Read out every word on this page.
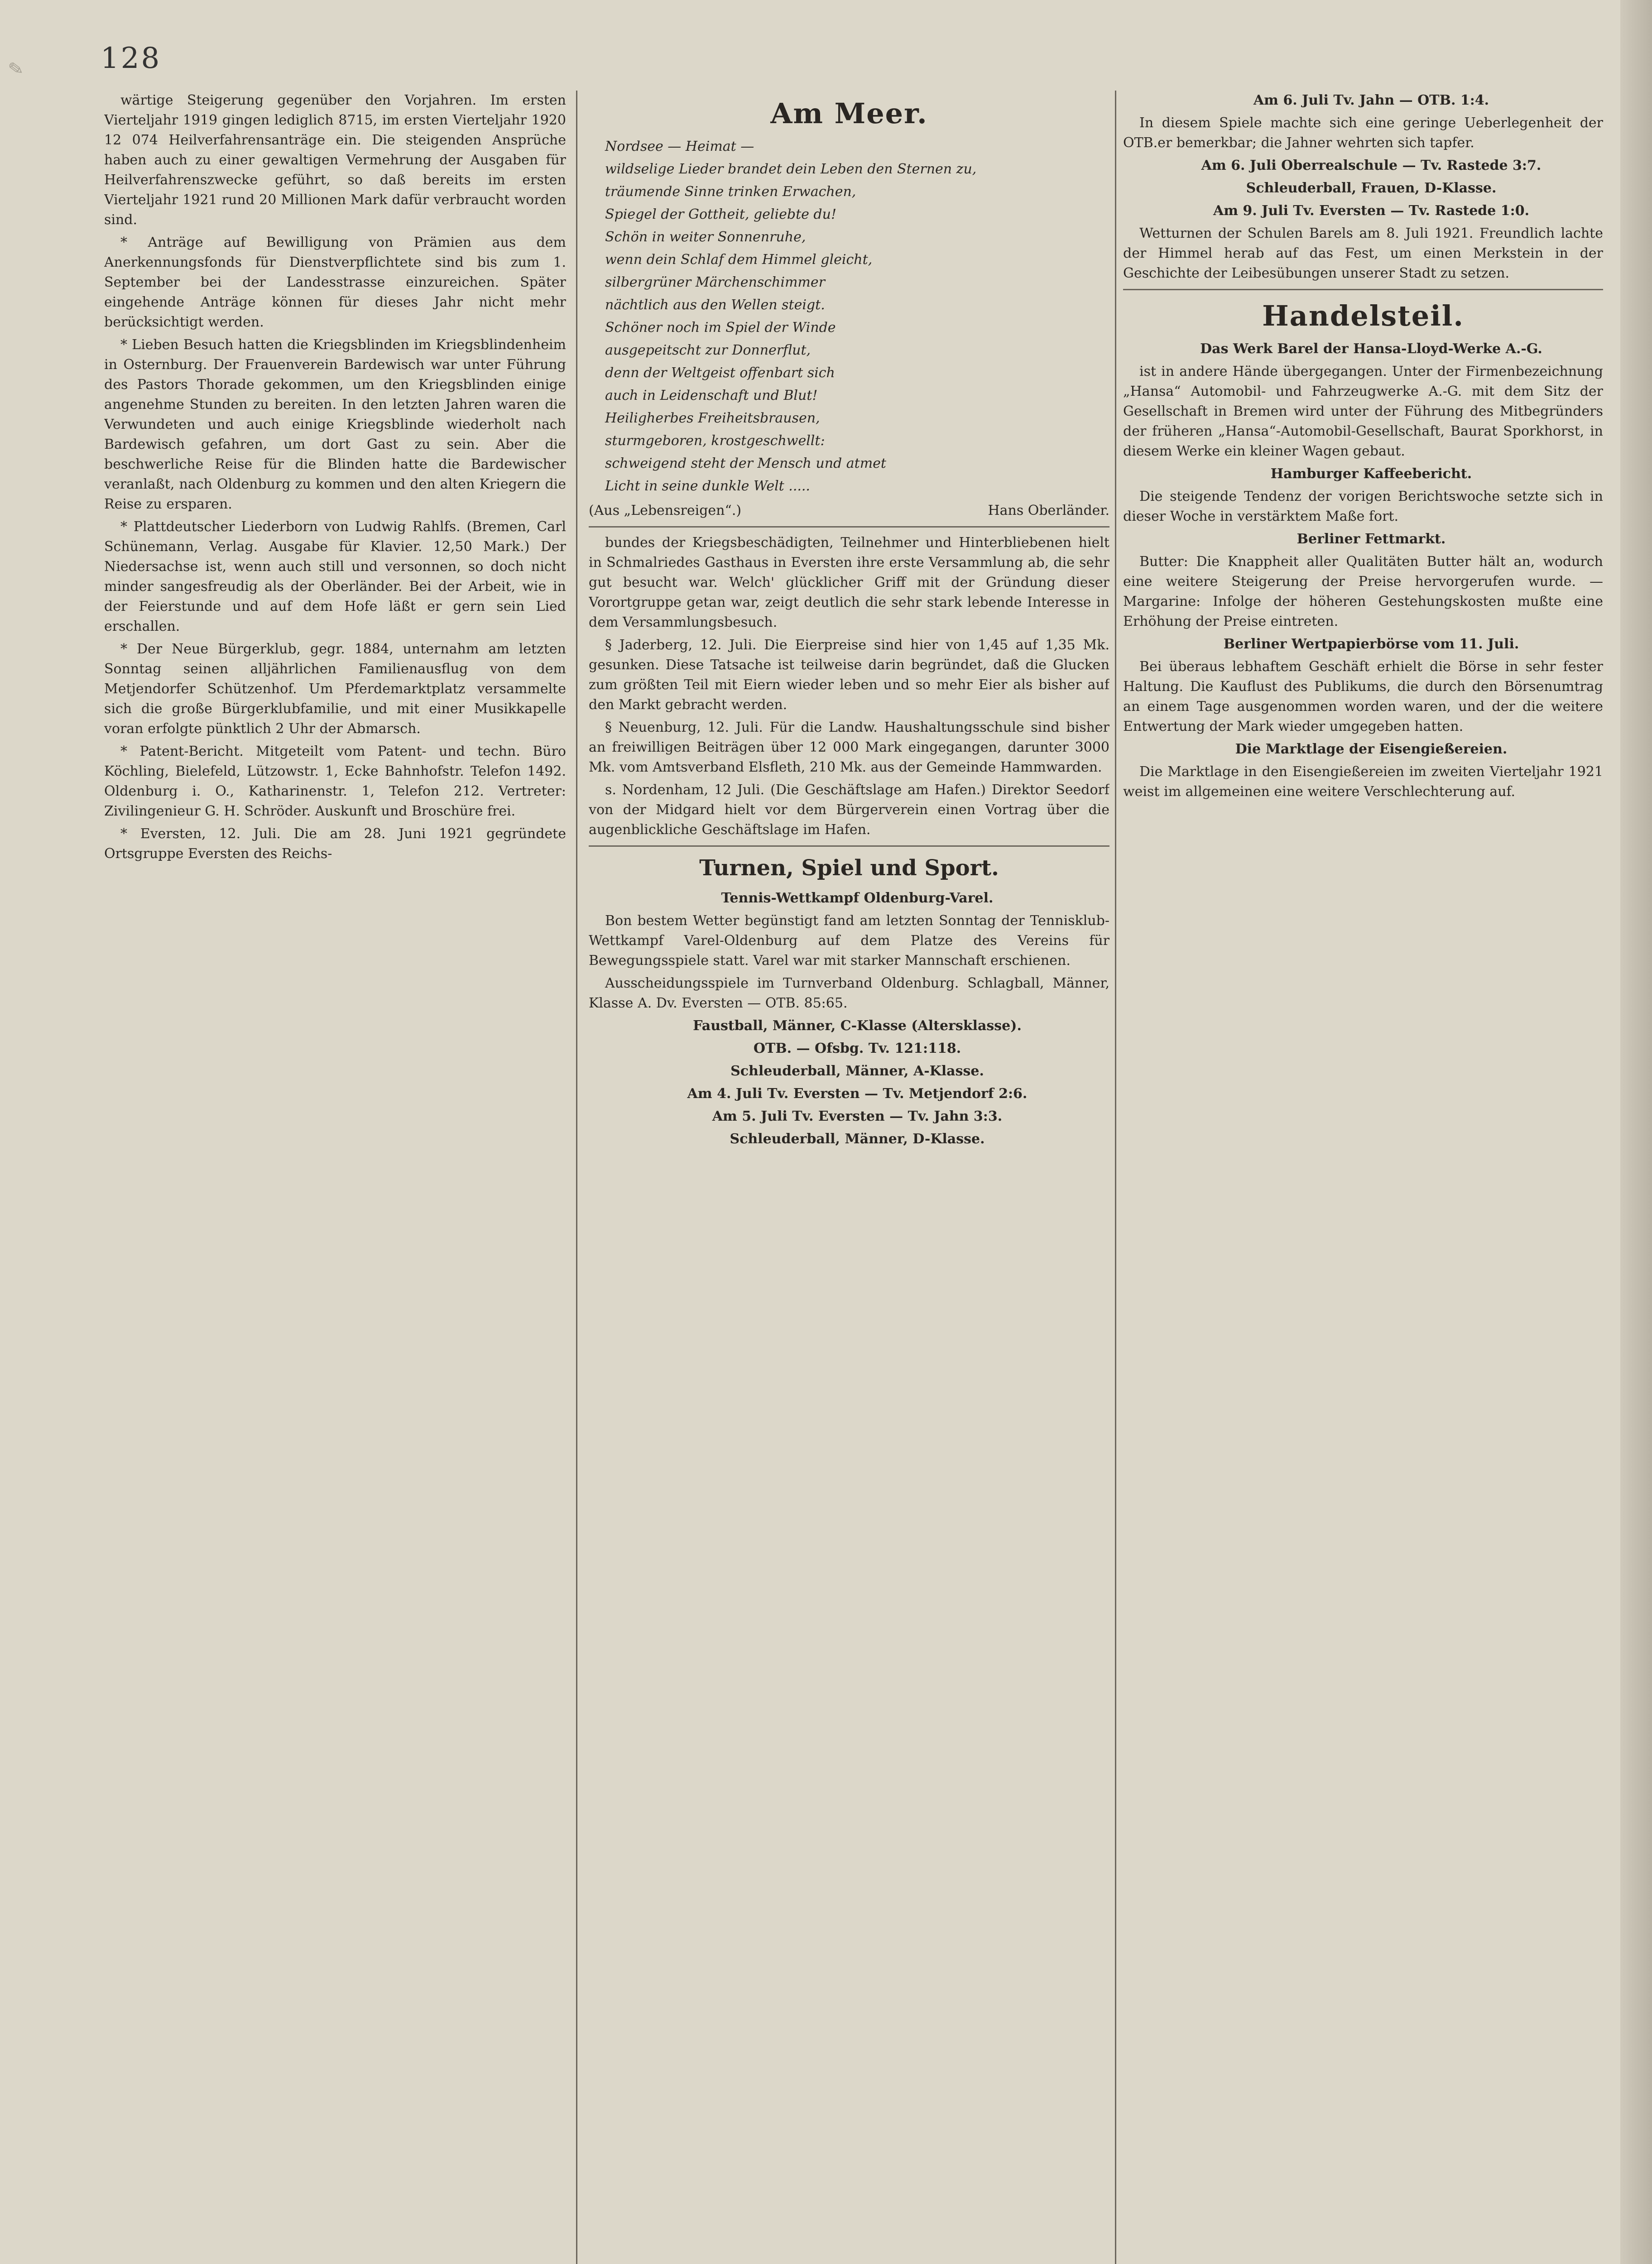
✎	128

wärtige Steigerung gegenüber den Vorjahren. Im ersten Vierteljahr 1919 gingen lediglich 8715, im ersten Vierteljahr 1920 12 074 Heilverfahrensanträge ein. Die steigenden Ansprüche haben auch zu einer gewaltigen Vermehrung der Ausgaben für Heilverfahrenszwecke geführt, so daß bereits im ersten Vierteljahr 1921 rund 20 Millionen Mark dafür verbraucht worden sind.

* Anträge auf Bewilligung von Prämien aus dem Anerkennungsfonds für Dienstverpflichtete sind bis zum 1. September bei der Landesstrasse einzureichen. Später eingehende Anträge können für dieses Jahr nicht mehr berücksichtigt werden.

* Lieben Besuch hatten die Kriegsblinden im Kriegsblindenheim in Osternburg. Der Frauenverein Bardewisch war unter Führung des Pastors Thorade gekommen, um den Kriegsblinden einige angenehme Stunden zu bereiten. In den letzten Jahren waren die Verwundeten und auch einige Kriegsblinde wiederholt nach Bardewisch gefahren, um dort Gast zu sein. Aber die beschwerliche Reise für die Blinden hatte die Bardewischer veranlaßt, nach Oldenburg zu kommen und den alten Kriegern die Reise zu ersparen.

* Plattdeutscher Liederborn von Ludwig Rahlfs. (Bremen, Carl Schünemann, Verlag. Ausgabe für Klavier. 12,50 Mark.) Der Niedersachse ist, wenn auch still und versonnen, so doch nicht minder sangesfreudig als der Oberländer. Bei der Arbeit, wie in der Feierstunde und auf dem Hofe läßt er gern sein Lied erschallen.

* Der Neue Bürgerklub, gegr. 1884, unternahm am letzten Sonntag seinen alljährlichen Familienausflug von dem Metjendorfer Schützenhof. Um Pferdemarktplatz versammelte sich die große Bürgerklubfamilie, und mit einer Musikkapelle voran erfolgte pünktlich 2 Uhr der Abmarsch.

* Patent-Bericht. Mitgeteilt vom Patent- und techn. Büro Köchling, Bielefeld, Lützowstr. 1, Ecke Bahnhofstr. Telefon 1492. Oldenburg i. O., Katharinenstr. 1, Telefon 212. Vertreter: Zivilingenieur G. H. Schröder. Auskunft und Broschüre frei.

* Eversten, 12. Juli. Die am 28. Juni 1921 gegründete Ortsgruppe Eversten des Reichs-

Am Meer.

Nordsee — Heimat —

wildseligе Lieder brandet dein Leben den Sternen zu,

träumende Sinne trinken Erwachen,

Spiegel der Gottheit, geliebte du!

Schön in weiter Sonnenruhe,

wenn dein Schlaf dem Himmel gleicht,

silbergrüner Märchenschimmer

nächtlich aus den Wellen steigt.

Schöner noch im Spiel der Winde

ausgepeitscht zur Donnerflut,

denn der Weltgeist offenbart sich

auch in Leidenschaft und Blut!

Heiligherbes Freiheitsbrausen,

sturmgeboren, krostgeschwellt:

schweigend steht der Mensch und atmet

Licht in seine dunkle Welt .....

(Aus „Lebensreigen“.)	Hans Oberländer.

bundes der Kriegsbeschädigten, Teilnehmer und Hinterbliebenen hielt in Schmalriedes Gasthaus in Eversten ihre erste Versammlung ab, die sehr gut besucht war. Welch' glücklicher Griff mit der Gründung dieser Vorortgruppe getan war, zeigt deutlich die sehr stark lebende Interesse in dem Versammlungsbesuch.

§ Jaderberg, 12. Juli. Die Eierpreise sind hier von 1,45 auf 1,35 Mk. gesunken. Diese Tatsache ist teilweise darin begründet, daß die Glucken zum größten Teil mit Eiern wieder leben und so mehr Eier als bisher auf den Markt gebracht werden.

§ Neuenburg, 12. Juli. Für die Landw. Haushaltungsschule sind bisher an freiwilligen Beiträgen über 12 000 Mark eingegangen, darunter 3000 Mk. vom Amtsverband Elsfleth, 210 Mk. aus der Gemeinde Hammwarden.

s. Nordenham, 12 Juli. (Die Geschäftslage am Hafen.) Direktor Seedorf von der Midgard hielt vor dem Bürgerverein einen Vortrag über die augenblickliche Geschäftslage im Hafen.

Turnen, Spiel und Sport.

Tennis-Wettkampf Oldenburg-Varel.

Bon bestem Wetter begünstigt fand am letzten Sonntag der Tennisklub-Wettkampf Varel-Oldenburg auf dem Platze des Vereins für Bewegungsspiele statt. Varel war mit starker Mannschaft erschienen.

Ausscheidungsspiele im Turnverband Oldenburg. Schlagball, Männer, Klasse A. Dv. Eversten — OTB. 85:65.

Faustball, Männer, C-Klasse (Altersklasse).

OTB. — Ofsbg. Tv. 121:118.

Schleuderball, Männer, A-Klasse.

Am 4. Juli Tv. Eversten — Tv. Metjendorf 2:6.

Am 5. Juli Tv. Eversten — Tv. Jahn 3:3.

Schleuderball, Männer, D-Klasse.

Am 6. Juli Tv. Jahn — OTB. 1:4.

In diesem Spiele machte sich eine geringe Ueberlegenheit der OTB.er bemerkbar; die Jahner wehrten sich tapfer.

Am 6. Juli Oberrealschule — Tv. Rastede 3:7.

Schleuderball, Frauen, D-Klasse.

Am 9. Juli Tv. Eversten — Tv. Rastede 1:0.

Wetturnen der Schulen Barels am 8. Juli 1921. Freundlich lachte der Himmel herab auf das Fest, um einen Merkstein in der Geschichte der Leibesübungen unserer Stadt zu setzen.

Handelsteil.

Das Werk Barel der Hansa-Lloyd-Werke A.-G.

ist in andere Hände übergegangen. Unter der Firmenbezeichnung „Hansa“ Automobil- und Fahrzeugwerke A.-G. mit dem Sitz der Gesellschaft in Bremen wird unter der Führung des Mitbegründers der früheren „Hansa“-Automobil-Gesellschaft, Baurat Sporkhorst, in diesem Werke ein kleiner Wagen gebaut.

Hamburger Kaffeebericht.

Die steigende Tendenz der vorigen Berichtswoche setzte sich in dieser Woche in verstärktem Maße fort.

Berliner Fettmarkt.

Butter: Die Knappheit aller Qualitäten Butter hält an, wodurch eine weitere Steigerung der Preise hervorgerufen wurde. — Margarine: Infolge der höheren Gestehungskosten mußte eine Erhöhung der Preise eintreten.

Berliner Wertpapierbörse vom 11. Juli.

Bei überaus lebhaftem Geschäft erhielt die Börse in sehr fester Haltung. Die Kauflust des Publikums, die durch den Börsenumtrag an einem Tage ausgenommen worden waren, und der die weitere Entwertung der Mark wieder umgegeben hatten.

Die Marktlage der Eisengießereien.

Die Marktlage in den Eisengießereien im zweiten Vierteljahr 1921 weist im allgemeinen eine weitere Verschlechterung auf.
